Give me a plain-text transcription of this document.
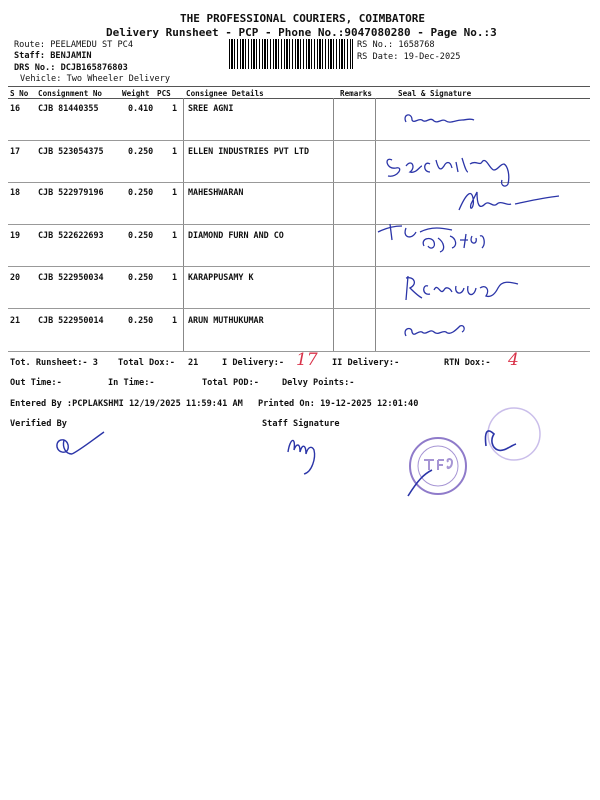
THE PROFESSIONAL COURIERS, COIMBATORE
Delivery Runsheet - PCP - Phone No.:9047080280 - Page No.:3
Route: PEELAMEDU ST PC4
Staff: BENJAMIN
DRS No.: DCJB165876803
Vehicle: Two Wheeler Delivery
RS No.: 1658768
RS Date: 19-Dec-2025
S No Consignment No	Weight PCS Consignee Details	Remarks	Seal & Signature
16 CJB 81440355	0.410 1 SREE AGNI
17 CJB 523054375	0.250 1 ELLEN INDUSTRIES PVT LTD
18 CJB 522979196	0.250 1 MAHESHWARAN
19 CJB 522622693	0.250 1 DIAMOND FURN AND CO
20 CJB 522950034	0.250 1 KARAPPUSAMY K
21 CJB 522950014	0.250 1 ARUN MUTHUKUMAR
Tot. Runsheet:- 3 Total Dox:- 21	I Delivery:- 17 II Delivery:-	RTN Dox:- 4
Out Time:-	In Time:-	Total POD:-	Delvy Points:-
Entered By :PCPLAKSHMI 12/19/2025 11:59:41 AM Printed On: 19-12-2025 12:01:40
Verified By	Staff Signature
